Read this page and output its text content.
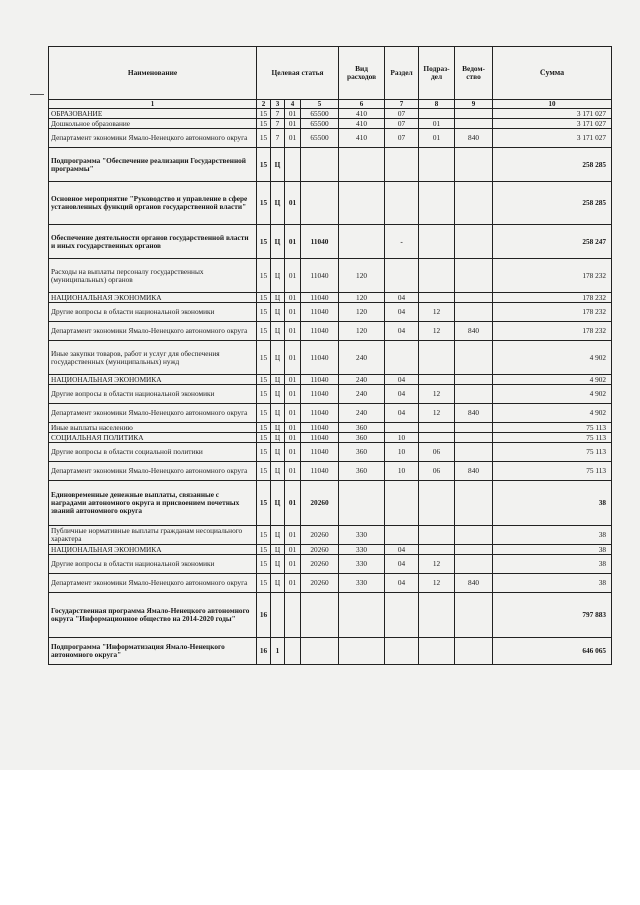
Наименование	Целевая статья				Вид расходов	Раздел	Подраз- дел	Ведом- ство	Сумма
1	2	3	4	5	6	7	8	9	10
ОБРАЗОВАНИЕ	15	7	01	65500	410	07			3 171 027
Дошкольное образование	15	7	01	65500	410	07	01		3 171 027
Департамент экономики Ямало-Ненецкого автономного округа	15	7	01	65500	410	07	01	840	3 171 027
Подпрограмма "Обеспечение реализации Государственной программы"	15	Ц							258 285
Основное мероприятие "Руководство и управление в сфере установленных функций органов государственной власти"	15	Ц	01						258 285
Обеспечение деятельности органов государственной власти и иных государственных органов	15	Ц	01	11040		-			258 247
Расходы на выплаты персоналу государственных (муниципальных) органов	15	Ц	01	11040	120				178 232
НАЦИОНАЛЬНАЯ ЭКОНОМИКА	15	Ц	01	11040	120	04			178 232
Другие вопросы в области национальной экономики	15	Ц	01	11040	120	04	12		178 232
Департамент экономики Ямало-Ненецкого автономного округа	15	Ц	01	11040	120	04	12	840	178 232
Иные закупки товаров, работ и услуг для обеспечения государственных (муниципальных) нужд	15	Ц	01	11040	240				4 902
НАЦИОНАЛЬНАЯ ЭКОНОМИКА	15	Ц	01	11040	240	04			4 902
Другие вопросы в области национальной экономики	15	Ц	01	11040	240	04	12		4 902
Департамент экономики Ямало-Ненецкого автономного округа	15	Ц	01	11040	240	04	12	840	4 902
Иные выплаты населению	15	Ц	01	11040	360				75 113
СОЦИАЛЬНАЯ ПОЛИТИКА	15	Ц	01	11040	360	10			75 113
Другие вопросы в области социальной политики	15	Ц	01	11040	360	10	06		75 113
Департамент экономики Ямало-Ненецкого автономного округа	15	Ц	01	11040	360	10	06	840	75 113
Единовременные денежные выплаты, связанные с наградами автономного округа и присвоением почетных званий автономного округа	15	Ц	01	20260					38
Публичные нормативные выплаты гражданам несоциального характера	15	Ц	01	20260	330				38
НАЦИОНАЛЬНАЯ ЭКОНОМИКА	15	Ц	01	20260	330	04			38
Другие вопросы в области национальной экономики	15	Ц	01	20260	330	04	12		38
Департамент экономики Ямало-Ненецкого автономного округа	15	Ц	01	20260	330	04	12	840	38
Государственная программа Ямало-Ненецкого автономного округа "Информационное общество на 2014-2020 годы"	16								797 883
Подпрограмма "Информатизация Ямало-Ненецкого автономного округа"	16	1							646 065
